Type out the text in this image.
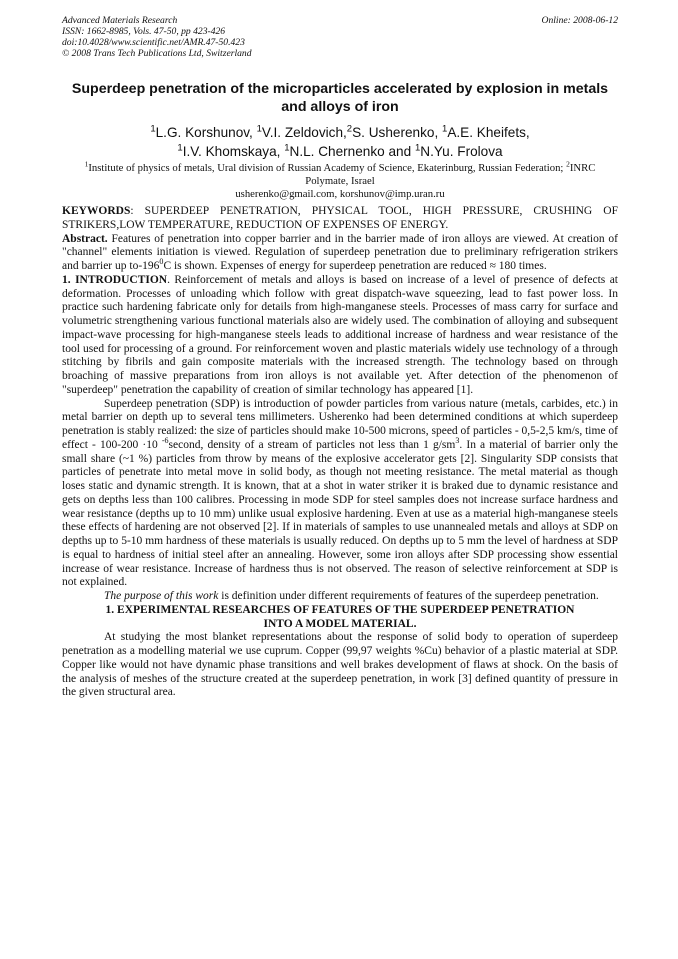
Advanced Materials Research
ISSN: 1662-8985, Vols. 47-50, pp 423-426
doi:10.4028/www.scientific.net/AMR.47-50.423
© 2008 Trans Tech Publications Ltd, Switzerland
Online: 2008-06-12
Superdeep penetration of the microparticles accelerated by explosion in metals and alloys of iron
$^1$L.G. Korshunov, $^1$V.I. Zeldovich,$^2$S. Usherenko, $^1$A.E. Kheifets,
$^1$I.V. Khomskaya, $^1$N.L. Chernenko and $^1$N.Yu. Frolova
$^1$Institute of physics of metals, Ural division of Russian Academy of Science, Ekaterinburg, Russian Federation; $^2$INRC Polymate, Israel
usherenko@gmail.com, korshunov@imp.uran.ru

KEYWORDS: SUPERDEEP PENETRATION, PHYSICAL TOOL, HIGH PRESSURE, CRUSHING OF STRIKERS,LOW TEMPERATURE, REDUCTION OF EXPENSES OF ENERGY.

Abstract. Features of penetration into copper barrier and in the barrier made of iron alloys are viewed. At creation of "channel" elements initiation is viewed. Regulation of superdeep penetration due to preliminary refrigeration strikers and barrier up $to-196^0C$ is shown. Expenses of energy for superdeep penetration are reduced ≈ 180 times.

1. INTRODUCTION. Reinforcement of metals and alloys is based on increase of a level of presence of defects at deformation. Processes of unloading which follow with great dispatch-wave squeezing, lead to fast power loss. In practice such hardening fabricate only for details from high-manganese steels. Processes of mass carry for surface and volumetric strengthening various functional materials also are widely used. The combination of alloying and subsequent impact-wave processing for high-manganese steels leads to additional increase of hardness and wear resistance of the tool used for processing of a ground. For reinforcement woven and plastic materials widely use technology of a through stitching by fibrils and gain composite materials with the increased strength. The technology based on through broaching of massive preparations from iron alloys is not available yet. After detection of the phenomenon of "superdeep" penetration the capability of creation of similar technology has appeared [1].

Superdeep penetration (SDP) is introduction of powder particles from various nature (metals, carbides, etc.) in metal barrier on depth up to several tens millimeters. Usherenko had been determined conditions at which superdeep penetration is stably realized: the size of particles should make 10-500 microns, speed of particles - 0,5-2,5 km/s, time of effect - 100-200 ·10 $^{-6}$second, density of a stream of particles not less than 1 $g/sm^3$. In a material of barrier only the small share (~1 %) particles from throw by means of the explosive accelerator gets [2]. Singularity SDP consists that particles of penetrate into metal move in solid body, as though not meeting resistance. The metal material as though loses static and dynamic strength. It is known, that at a shot in water striker it is braked due to dynamic resistance and gets on depths less than 100 calibres. Processing in mode SDP for steel samples does not increase surface hardness and wear resistance (depths up to 10 mm) unlike usual explosive hardening. Even at use as a material high-manganese steels these effects of hardening are not observed [2]. If in materials of samples to use unannealed metals and alloys at SDP on depths up to 5-10 mm hardness of these materials is usually reduced. On depths up to 5 mm the level of hardness at SDP is equal to hardness of initial steel after an annealing. However, some iron alloys after SDP processing show essential increase of wear resistance. Increase of hardness thus is not observed. The reason of selective reinforcement at SDP is not explained.

The purpose of this work is definition under different requirements of features of the superdeep penetration.

1. EXPERIMENTAL RESEARCHES OF FEATURES OF THE SUPERDEEP PENETRATION INTO A MODEL MATERIAL.

At studying the most blanket representations about the response of solid body to operation of superdeep penetration as a modelling material we use cuprum. Copper (99,97 weights %Cu) behavior of a plastic material at SDP. Copper like would not have dynamic phase transitions and well brakes development of flaws at shock. On the basis of the analysis of meshes of the structure created at the superdeep penetration, in work [3] defined quantity of pressure in the given structural area.
